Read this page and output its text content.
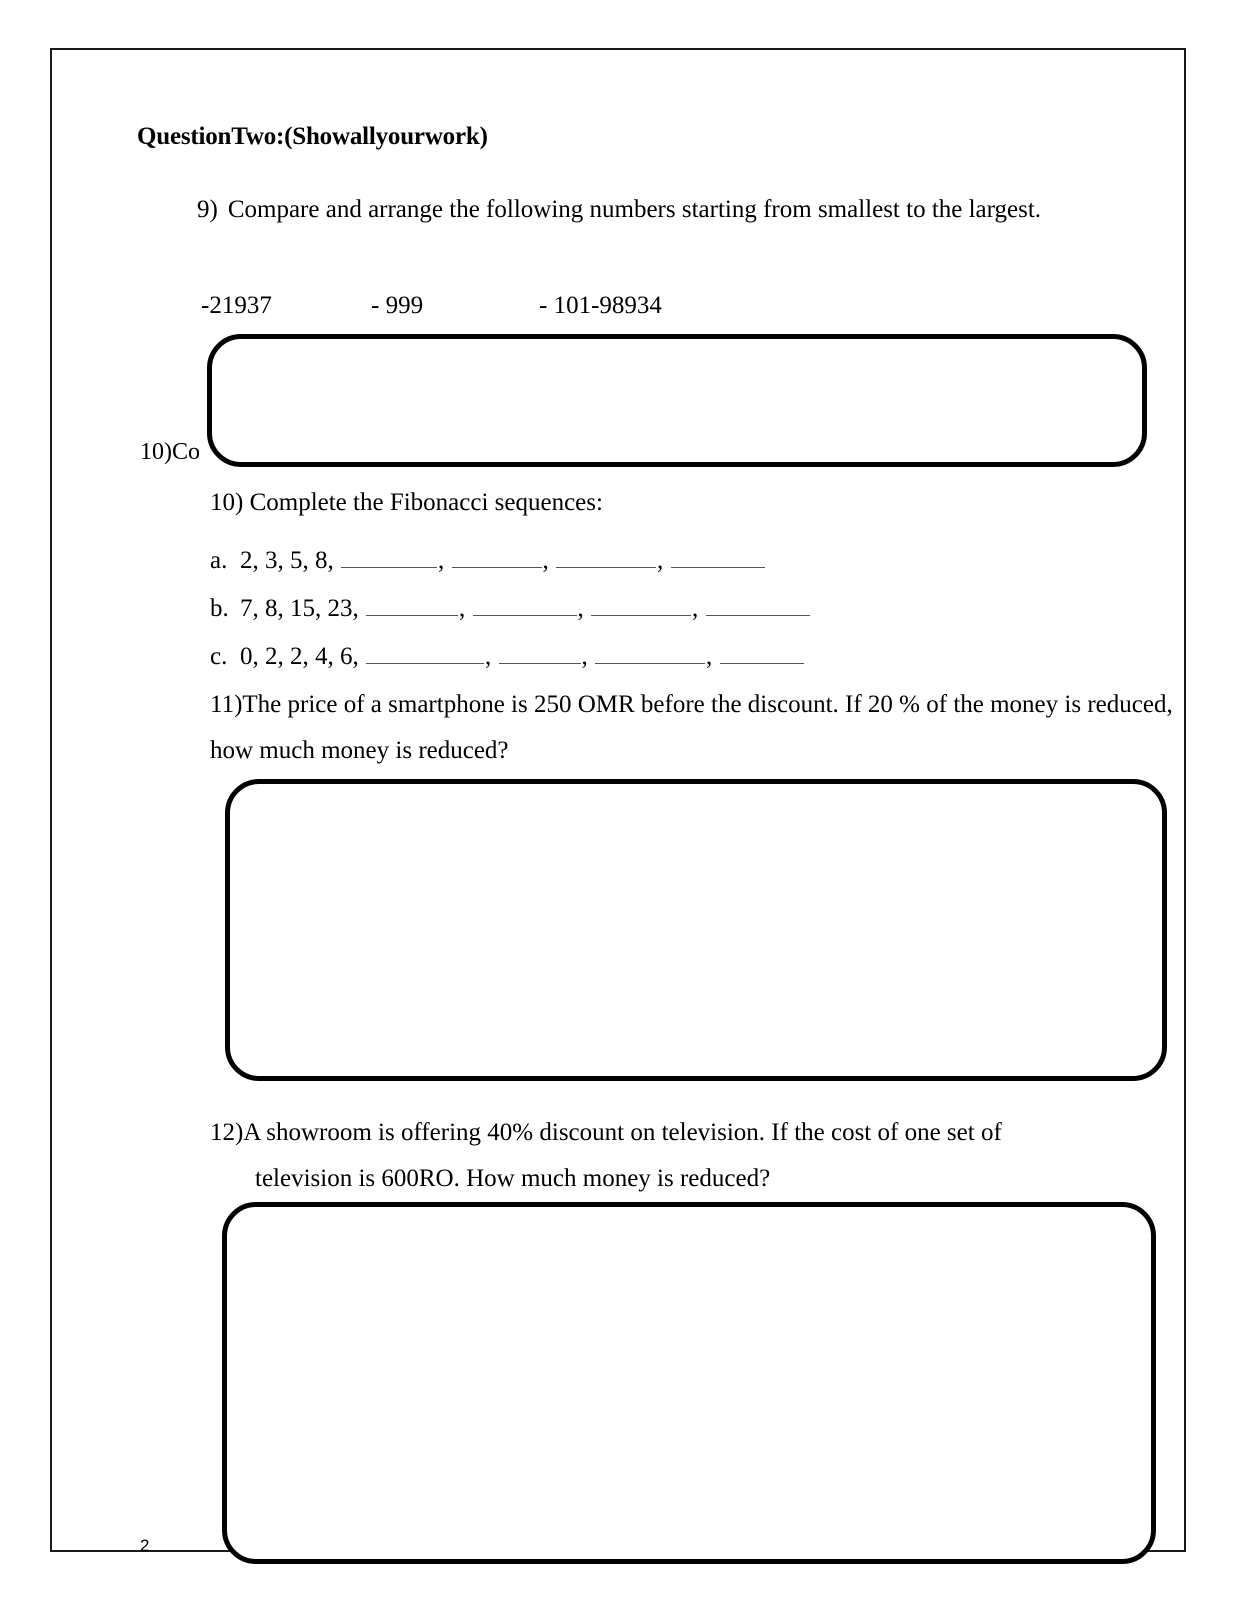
QuestionTwo:(Showallyourwork)

9) Compare and arrange the following numbers starting from smallest to the largest.

-21937	- 999	- 101-98934

10)Co
10) Complete the Fibonacci sequences:
a. 2, 3, 5, 8,	,	,	,
b. 7, 8, 15, 23,	,	,	,
c. 0, 2, 2, 4, 6,	,	,	,
11)The price of a smartphone is 250 OMR before the discount. If 20 % of the money is reduced, how much money is reduced?
12)A showroom is offering 40% discount on television. If the cost of one set of
television is 600RO. How much money is reduced?
2
